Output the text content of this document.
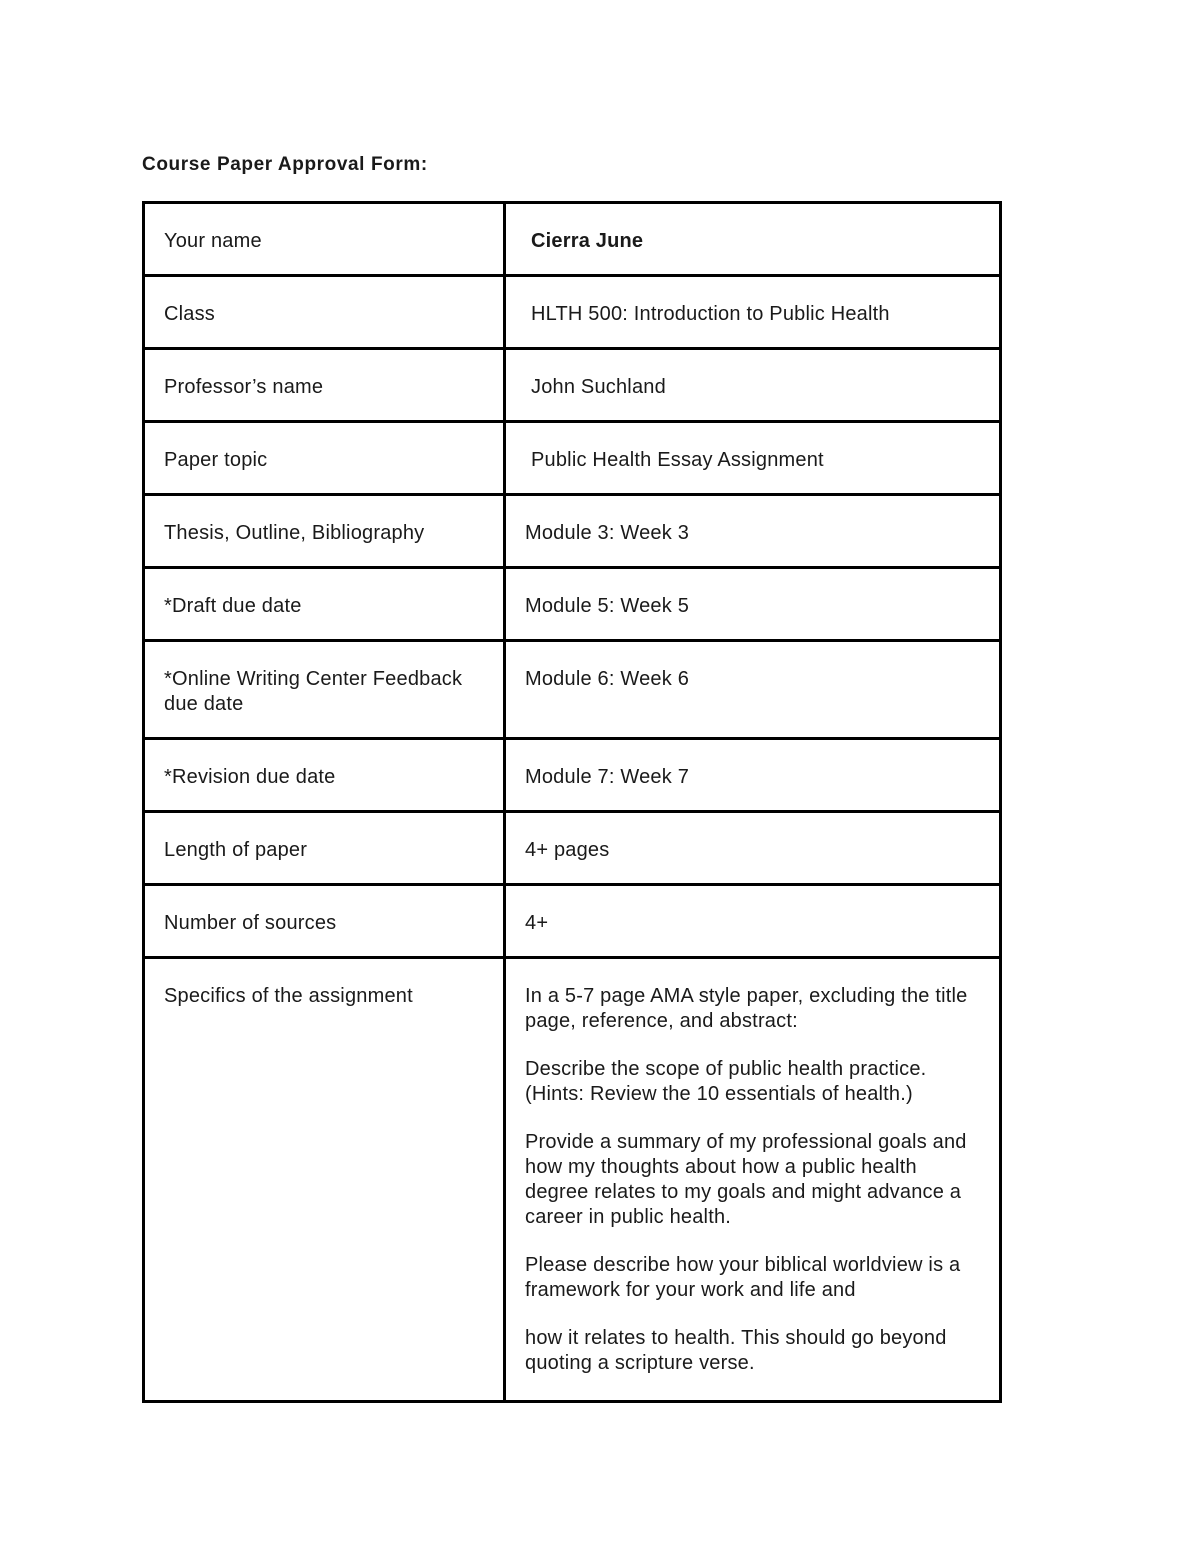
Course Paper Approval Form:
Your name	Cierra June
Class	HLTH 500: Introduction to Public Health
Professor’s name	John Suchland
Paper topic	Public Health Essay Assignment
Thesis, Outline, Bibliography	Module 3: Week 3
*Draft due date	Module 5: Week 5
*Online Writing Center Feedback due date	Module 6: Week 6
*Revision due date	Module 7: Week 7
Length of paper	4+ pages
Number of sources	4+
Specifics of the assignment	In a 5-7 page AMA style paper, excluding the title page, reference, and abstract:

Describe the scope of public health practice. (Hints: Review the 10 essentials of health.)

Provide a summary of my professional goals and how my thoughts about how a public health degree relates to my goals and might advance a career in public health.

Please describe how your biblical worldview is a framework for your work and life and

how it relates to health. This should go beyond quoting a scripture verse.
